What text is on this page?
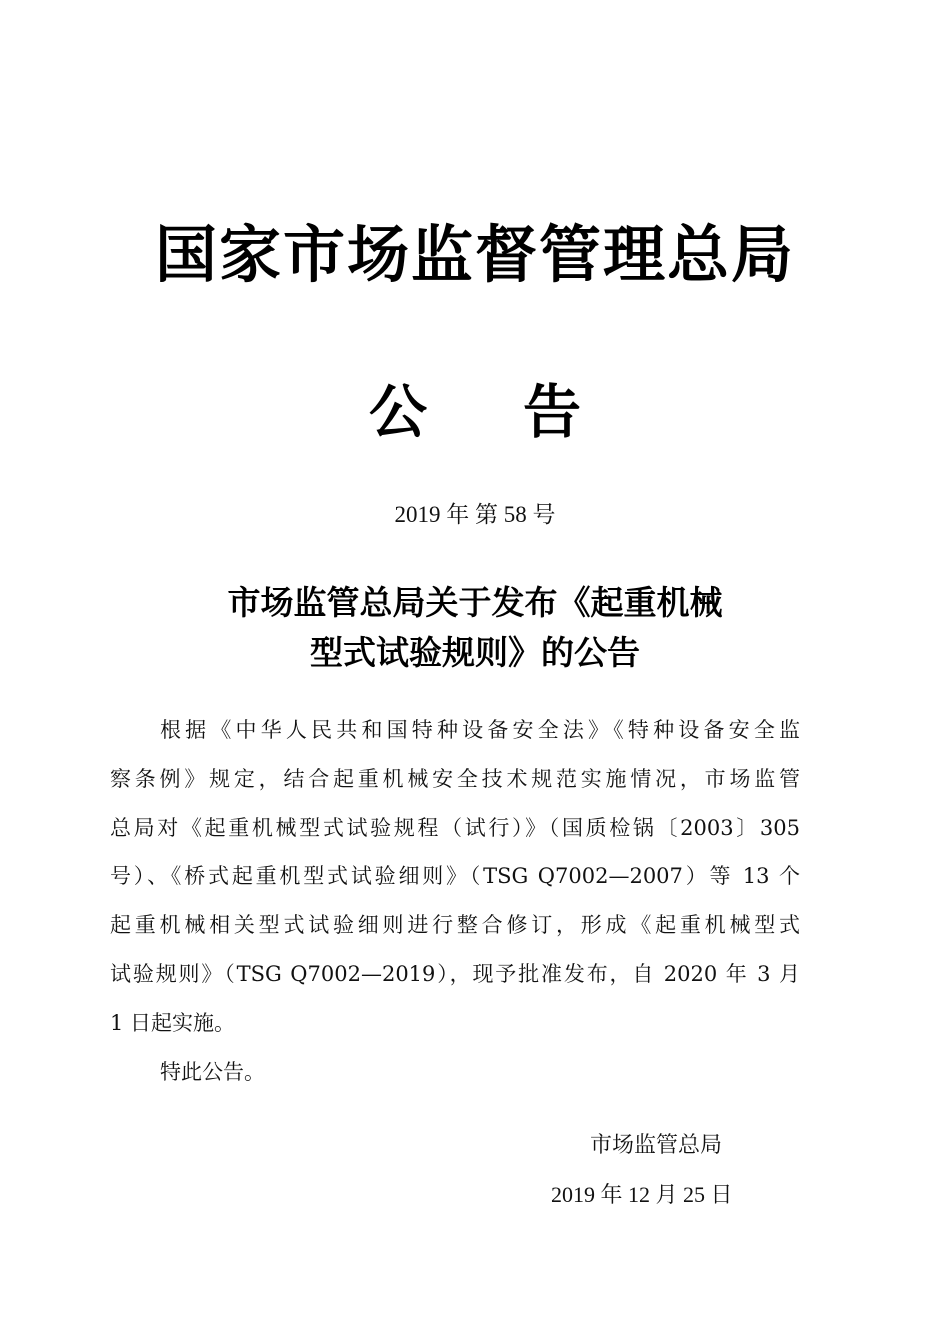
国家市场监督管理总局
公告
2019 年 第 58 号
市场监管总局关于发布《起重机械
型式试验规则》的公告
根据《中华人民共和国特种设备安全法》《特种设备安全监
察条例》规定，结合起重机械安全技术规范实施情况，市场监管
总局对《起重机械型式试验规程（试行）》（国质检锅〔2003〕305
号）、《桥式起重机型式试验细则》（TSG Q7002—2007）等 13 个
起重机械相关型式试验细则进行整合修订，形成《起重机械型式
试验规则》（TSG Q7002—2019），现予批准发布，自 2020 年 3 月
1 日起实施。
特此公告。
市场监管总局
2019 年 12 月 25 日
